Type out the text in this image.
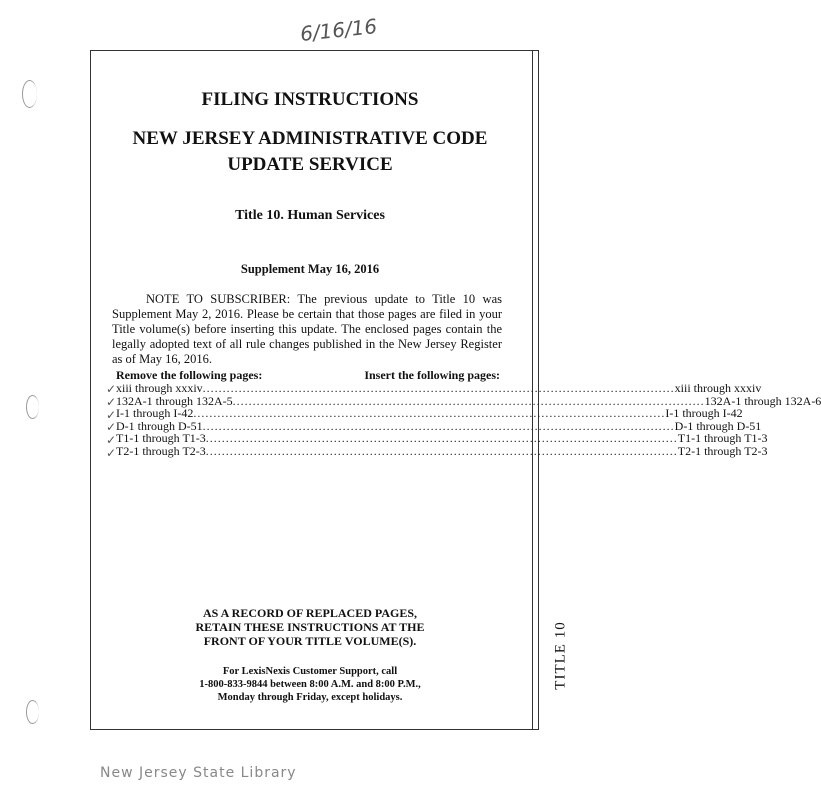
6/16/16
TITLE 10
FILING INSTRUCTIONS
NEW JERSEY ADMINISTRATIVE CODE
UPDATE SERVICE
Title 10. Human Services
Supplement May 16, 2016
NOTE TO SUBSCRIBER: The previous update to Title 10 was Supplement May 2, 2016. Please be certain that those pages are filed in your Title volume(s) before inserting this update. The enclosed pages contain the legally adopted text of all rule changes published in the New Jersey Register as of May 16, 2016.
Remove the following pages:	Insert the following pages:
xiii through xxxiv ...................................................................................................................... xiii through xxxiv
132A-1 through 132A-5 ...................................................................................................................... 132A-1 through 132A-6
I-1 through I-42 ...................................................................................................................... I-1 through I-42
D-1 through D-51 ...................................................................................................................... D-1 through D-51
T1-1 through T1-3 ...................................................................................................................... T1-1 through T1-3
T2-1 through T2-3 ...................................................................................................................... T2-1 through T2-3
✓
✓
✓
✓
✓
✓
AS A RECORD OF REPLACED PAGES,
RETAIN THESE INSTRUCTIONS AT THE
FRONT OF YOUR TITLE VOLUME(S).
For LexisNexis Customer Support, call
1-800-833-9844 between 8:00 A.M. and 8:00 P.M.,
Monday through Friday, except holidays.
New Jersey State Library
